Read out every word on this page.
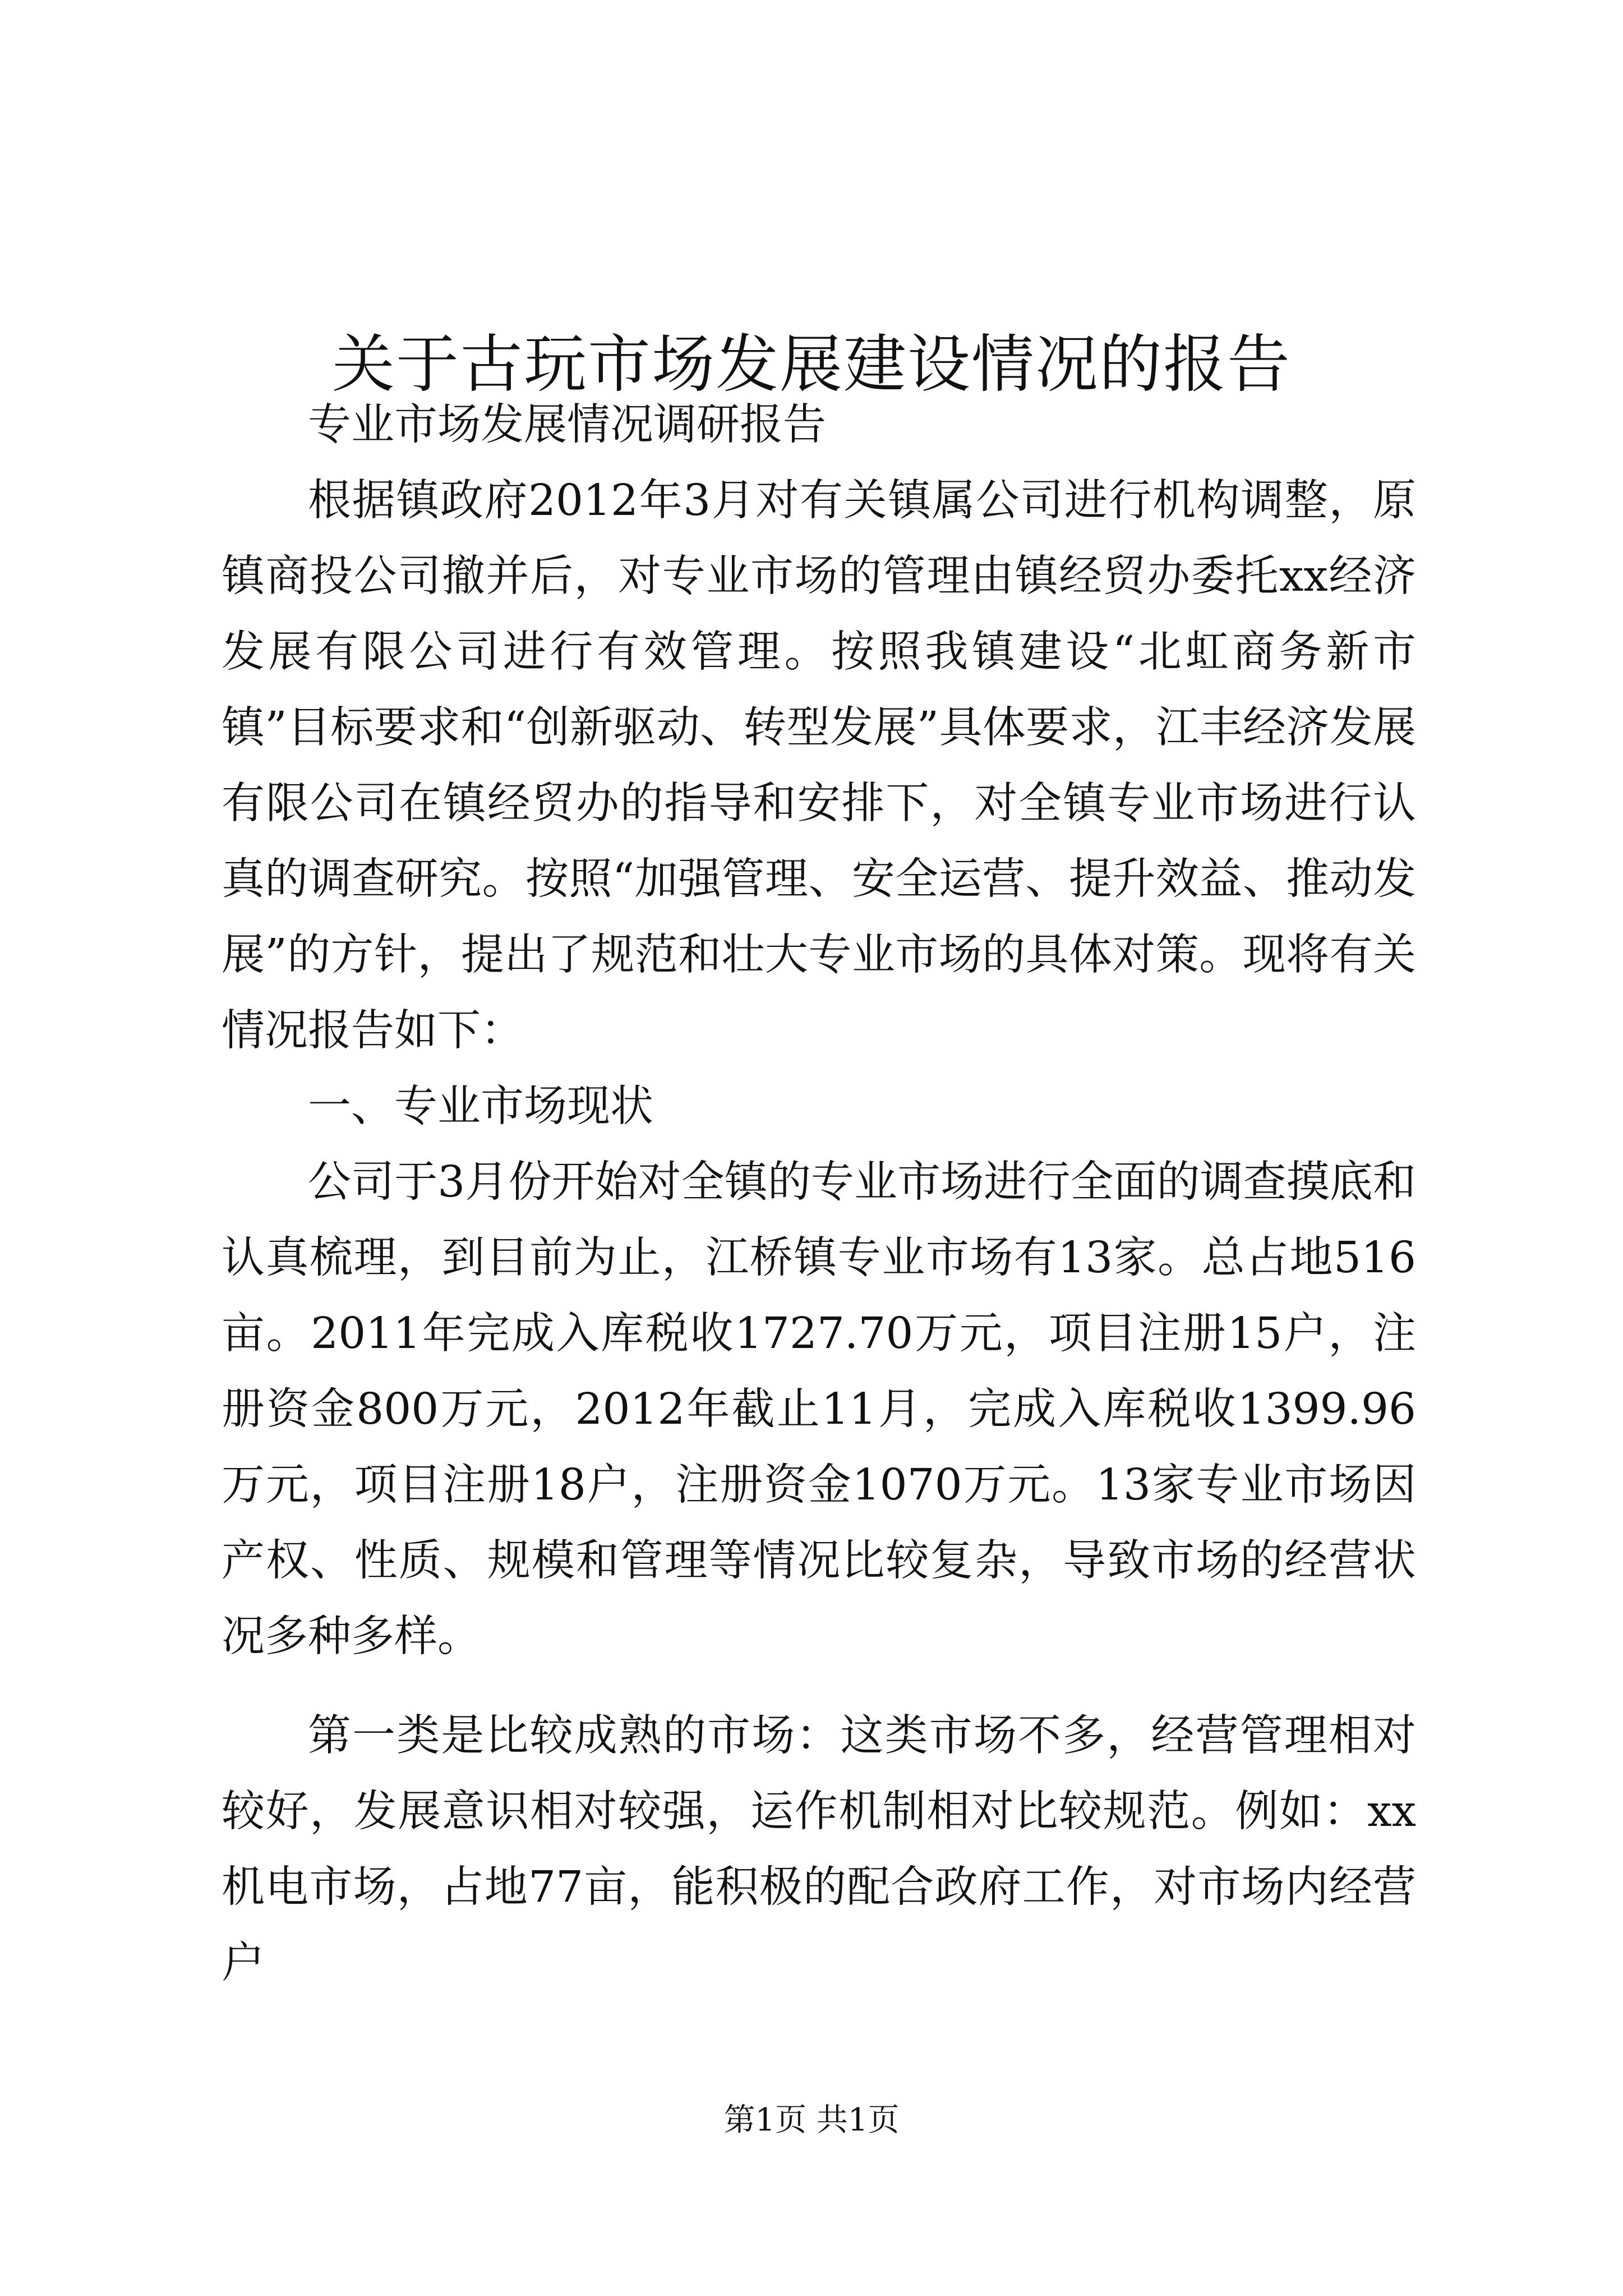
关于古玩市场发展建设情况的报告

专业市场发展情况调研报告

根据镇政府2012年3月对有关镇属公司进行机构调整，原镇商投公司撤并后，对专业市场的管理由镇经贸办委托xx经济发展有限公司进行有效管理。按照我镇建设“北虹商务新市镇”目标要求和“创新驱动、转型发展”具体要求，江丰经济发展有限公司在镇经贸办的指导和安排下，对全镇专业市场进行认真的调查研究。按照“加强管理、安全运营、提升效益、推动发展”的方针，提出了规范和壮大专业市场的具体对策。现将有关情况报告如下：

一、专业市场现状

公司于3月份开始对全镇的专业市场进行全面的调查摸底和认真梳理，到目前为止，江桥镇专业市场有13家。总占地516亩。2011年完成入库税收1727.70万元，项目注册15户，注册资金800万元，2012年截止11月，完成入库税收1399.96万元，项目注册18户，注册资金1070万元。13家专业市场因产权、性质、规模和管理等情况比较复杂，导致市场的经营状况多种多样。

第一类是比较成熟的市场：这类市场不多，经营管理相对较好，发展意识相对较强，运作机制相对比较规范。例如：xx机电市场，占地77亩，能积极的配合政府工作，对市场内经营户

第1页 共1页
